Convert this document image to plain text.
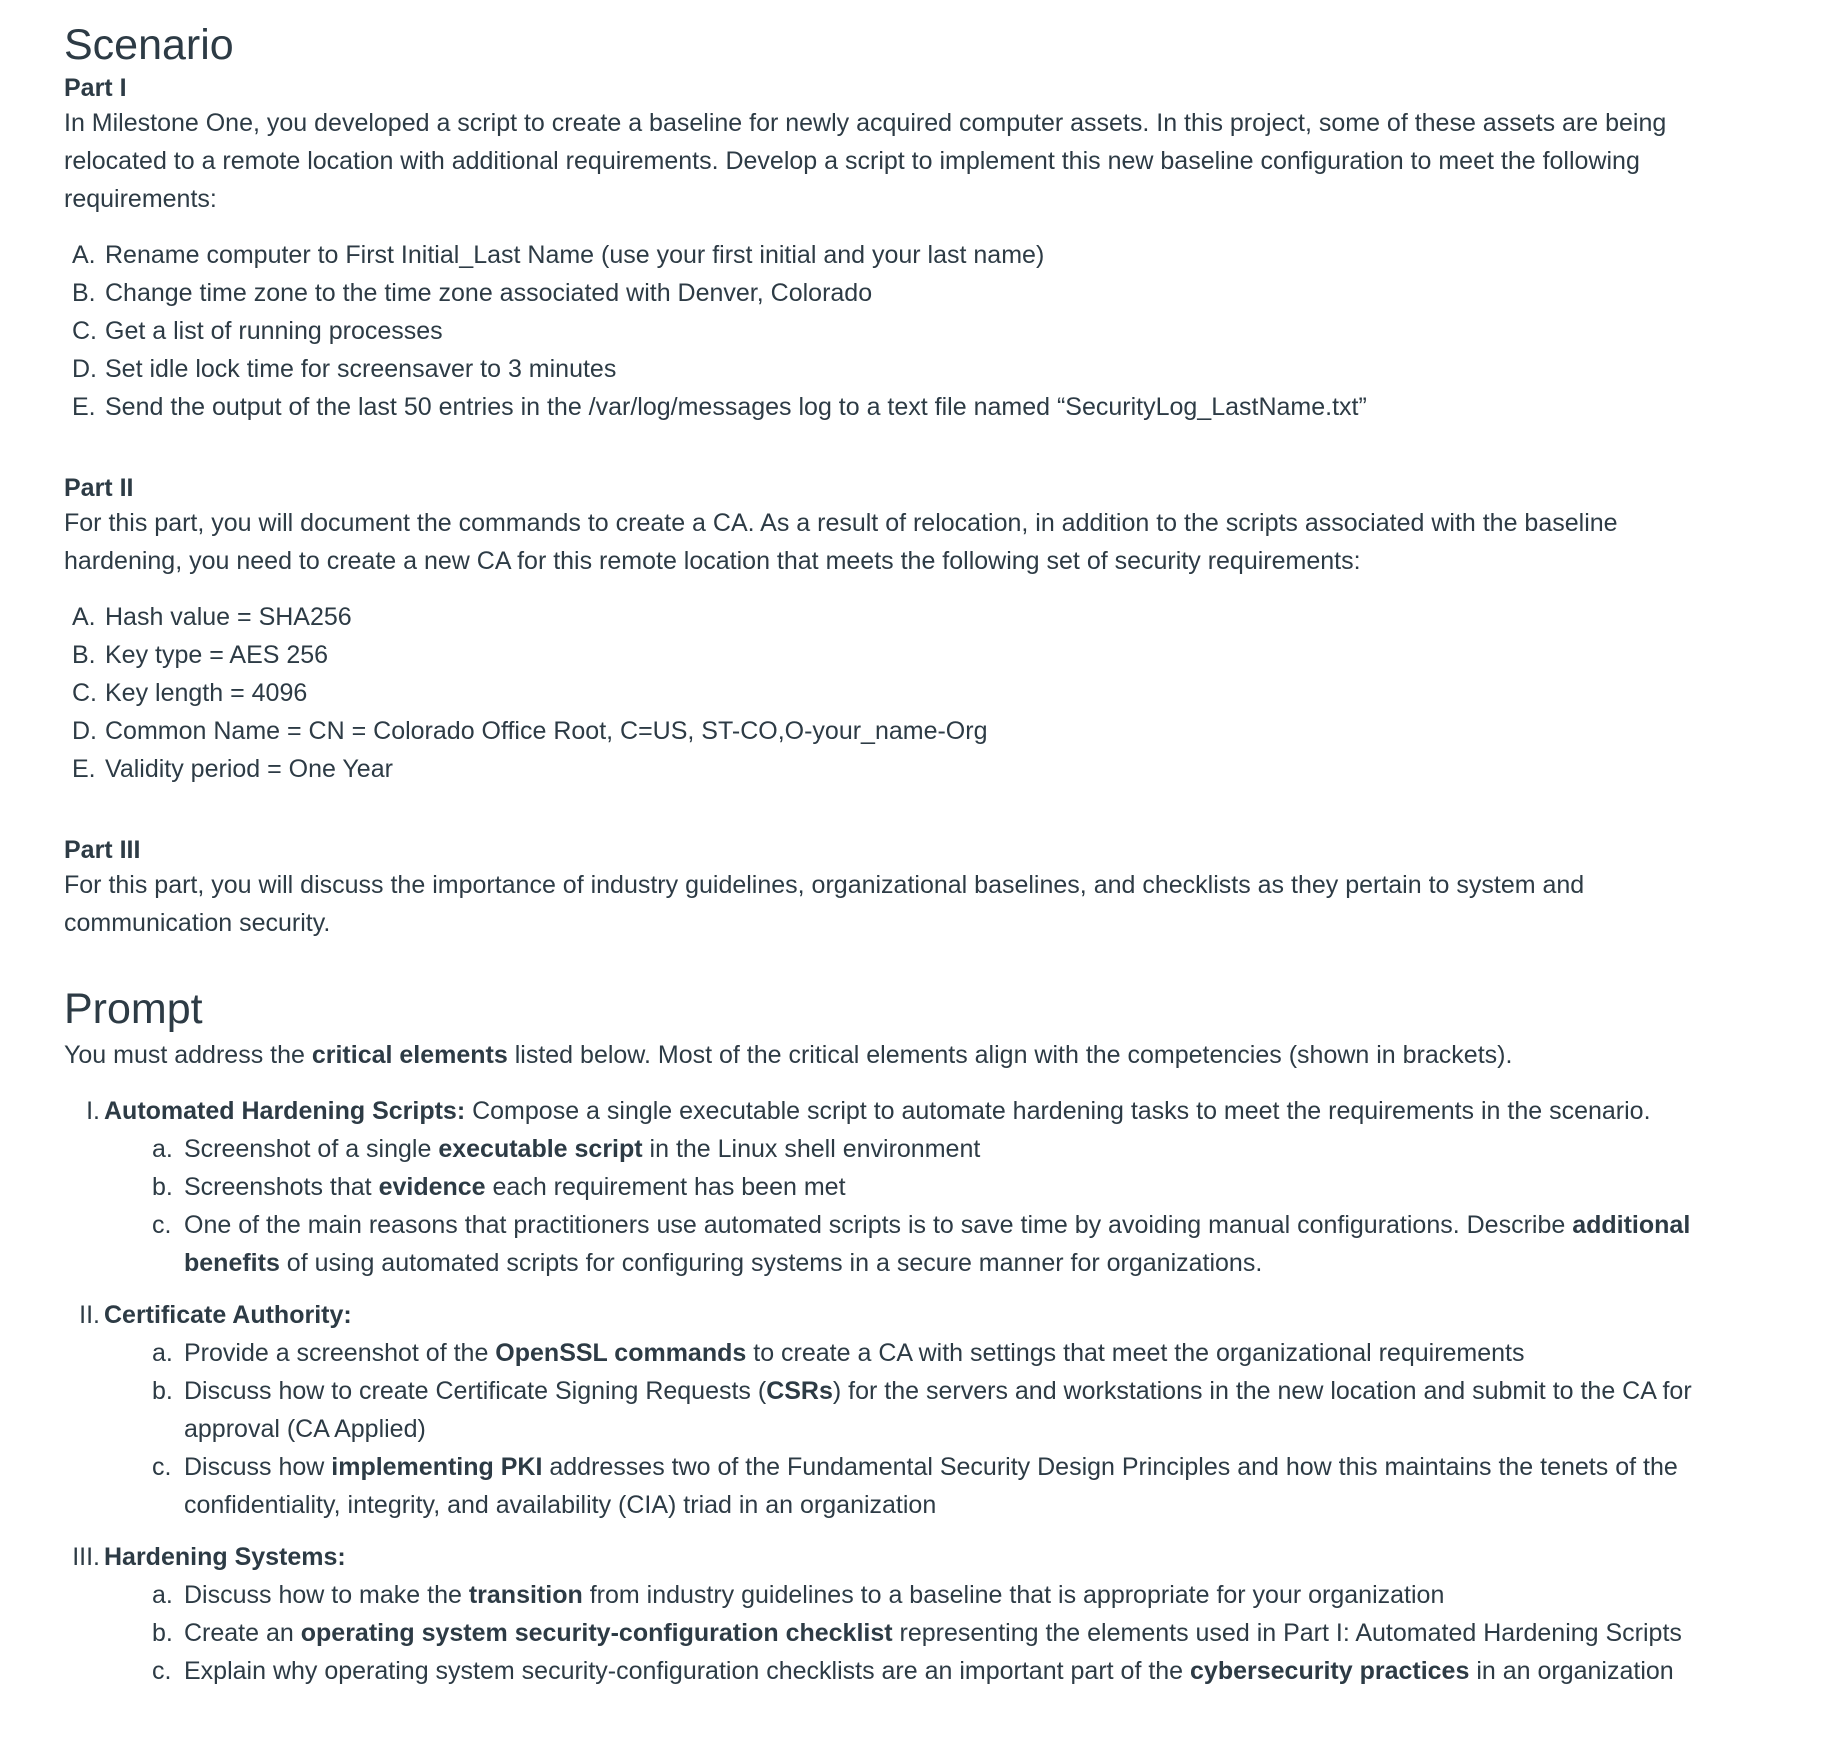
Scenario
Part I

In Milestone One, you developed a script to create a baseline for newly acquired computer assets. In this project, some of these assets are being relocated to a remote location with additional requirements. Develop a script to implement this new baseline configuration to meet the following requirements:

A. Rename computer to First Initial_Last Name (use your first initial and your last name)
B. Change time zone to the time zone associated with Denver, Colorado
C. Get a list of running processes
D. Set idle lock time for screensaver to 3 minutes
E. Send the output of the last 50 entries in the /var/log/messages log to a text file named “SecurityLog_LastName.txt”
Part II

For this part, you will document the commands to create a CA. As a result of relocation, in addition to the scripts associated with the baseline hardening, you need to create a new CA for this remote location that meets the following set of security requirements:

A. Hash value = SHA256
B. Key type = AES 256
C. Key length = 4096
D. Common Name = CN = Colorado Office Root, C=US, ST-CO,O-your_name-Org
E. Validity period = One Year
Part III

For this part, you will discuss the importance of industry guidelines, organizational baselines, and checklists as they pertain to system and communication security.

Prompt

You must address the critical elements listed below. Most of the critical elements align with the competencies (shown in brackets).

I. Automated Hardening Scripts: Compose a single executable script to automate hardening tasks to meet the requirements in the scenario.
a. Screenshot of a single executable script in the Linux shell environment
b. Screenshots that evidence each requirement has been met
c. One of the main reasons that practitioners use automated scripts is to save time by avoiding manual configurations. Describe additional benefits of using automated scripts for configuring systems in a secure manner for organizations.
II. Certificate Authority:
a. Provide a screenshot of the OpenSSL commands to create a CA with settings that meet the organizational requirements
b. Discuss how to create Certificate Signing Requests (CSRs) for the servers and workstations in the new location and submit to the CA for approval (CA Applied)
c. Discuss how implementing PKI addresses two of the Fundamental Security Design Principles and how this maintains the tenets of the confidentiality, integrity, and availability (CIA) triad in an organization
III. Hardening Systems:
a. Discuss how to make the transition from industry guidelines to a baseline that is appropriate for your organization
b. Create an operating system security-configuration checklist representing the elements used in Part I: Automated Hardening Scripts
c. Explain why operating system security-configuration checklists are an important part of the cybersecurity practices in an organization
